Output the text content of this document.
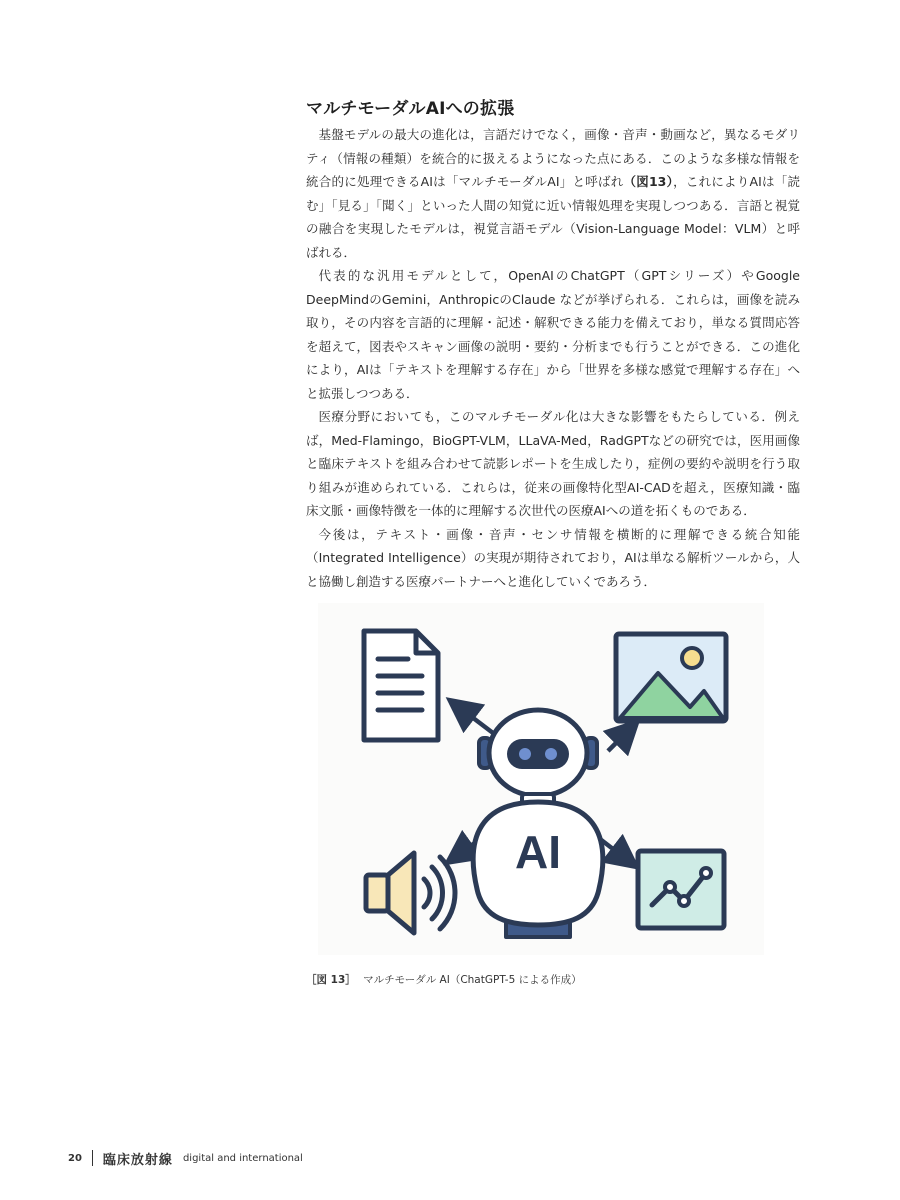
マルチモーダルAIへの拡張

基盤モデルの最大の進化は，言語だけでなく，画像・音声・動画など，異なるモダリティ（情報の種類）を統合的に扱えるようになった点にある．このような多様な情報を統合的に処理できるAIは「マルチモーダルAI」と呼ばれ（図13），これによりAIは「読む」「見る」「聞く」といった人間の知覚に近い情報処理を実現しつつある．言語と視覚の融合を実現したモデルは，視覚言語モデル（Vision-Language Model：VLM）と呼ばれる．

代表的な汎用モデルとして，OpenAIのChatGPT（GPTシリーズ）やGoogle DeepMindのGemini，AnthropicのClaude などが挙げられる．これらは，画像を読み取り，その内容を言語的に理解・記述・解釈できる能力を備えており，単なる質問応答を超えて，図表やスキャン画像の説明・要約・分析までも行うことができる．この進化により，AIは「テキストを理解する存在」から「世界を多様な感覚で理解する存在」へと拡張しつつある．

医療分野においても，このマルチモーダル化は大きな影響をもたらしている．例えば，Med-Flamingo，BioGPT-VLM，LLaVA-Med，RadGPTなどの研究では，医用画像と臨床テキストを組み合わせて読影レポートを生成したり，症例の要約や説明を行う取り組みが進められている．これらは，従来の画像特化型AI-CADを超え，医療知識・臨床文脈・画像特徴を一体的に理解する次世代の医療AIへの道を拓くものである．

今後は，テキスト・画像・音声・センサ情報を横断的に理解できる統合知能（Integrated Intelligence）の実現が期待されており，AIは単なる解析ツールから，人と協働し創造する医療パートナーへと進化していくであろう．

AI
［図 13］ マルチモーダル AI（ChatGPT-5 による作成）
20 臨床放射線 digital and international
